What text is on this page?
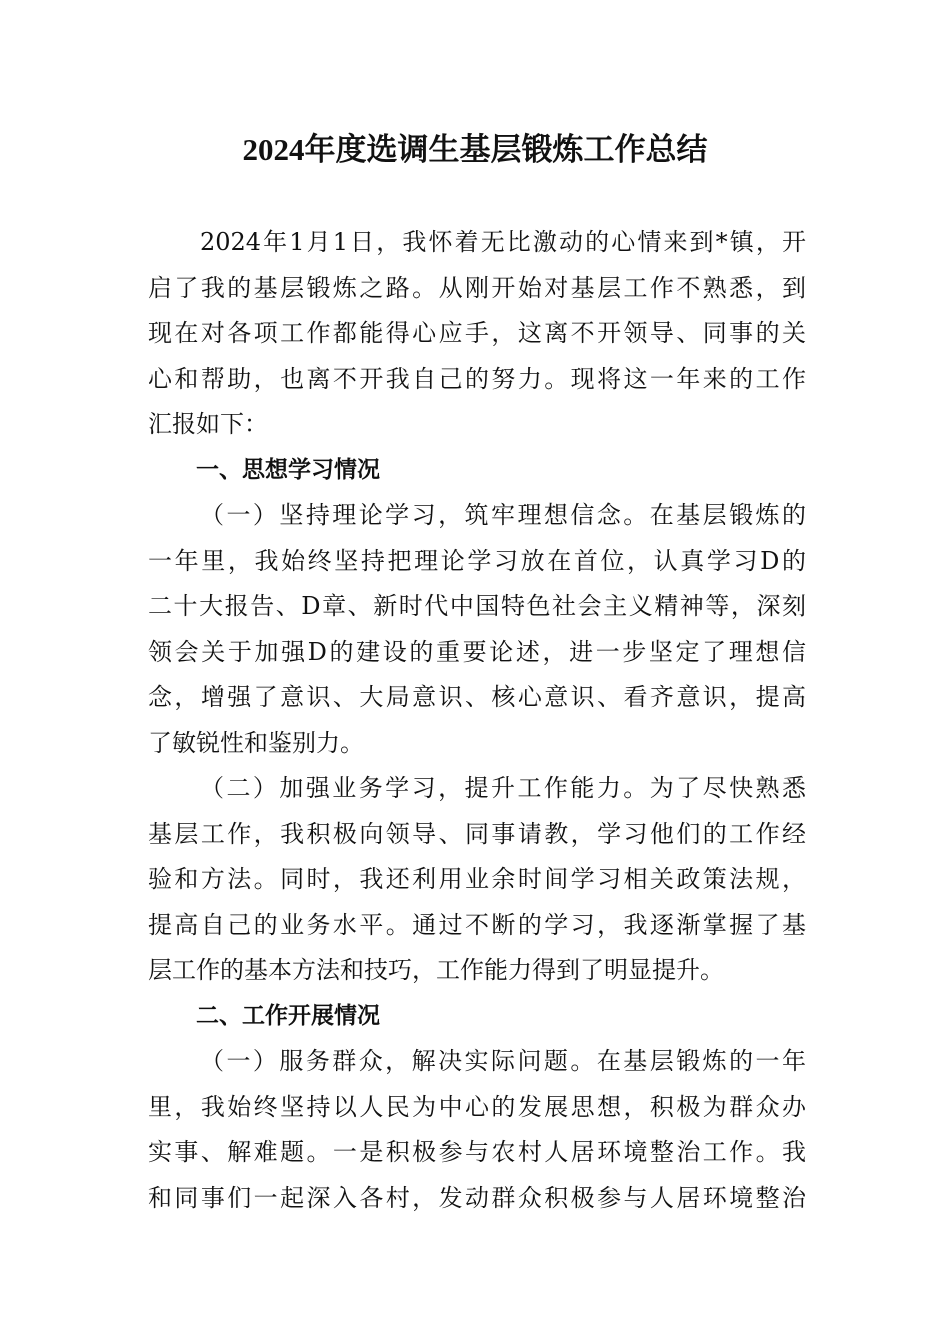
2024年度选调生基层锻炼工作总结
2024年1月1日，我怀着无比激动的心情来到*镇，开
启了我的基层锻炼之路。从刚开始对基层工作不熟悉，到
现在对各项工作都能得心应手，这离不开领导、同事的关
心和帮助，也离不开我自己的努力。现将这一年来的工作
汇报如下：
一、思想学习情况
（一）坚持理论学习，筑牢理想信念。在基层锻炼的
一年里，我始终坚持把理论学习放在首位，认真学习D的
二十大报告、D章、新时代中国特色社会主义精神等，深刻
领会关于加强D的建设的重要论述，进一步坚定了理想信
念，增强了意识、大局意识、核心意识、看齐意识，提高
了敏锐性和鉴别力。
（二）加强业务学习，提升工作能力。为了尽快熟悉
基层工作，我积极向领导、同事请教，学习他们的工作经
验和方法。同时，我还利用业余时间学习相关政策法规，
提高自己的业务水平。通过不断的学习，我逐渐掌握了基
层工作的基本方法和技巧，工作能力得到了明显提升。
二、工作开展情况
（一）服务群众，解决实际问题。在基层锻炼的一年
里，我始终坚持以人民为中心的发展思想，积极为群众办
实事、解难题。一是积极参与农村人居环境整治工作。我
和同事们一起深入各村，发动群众积极参与人居环境整治
